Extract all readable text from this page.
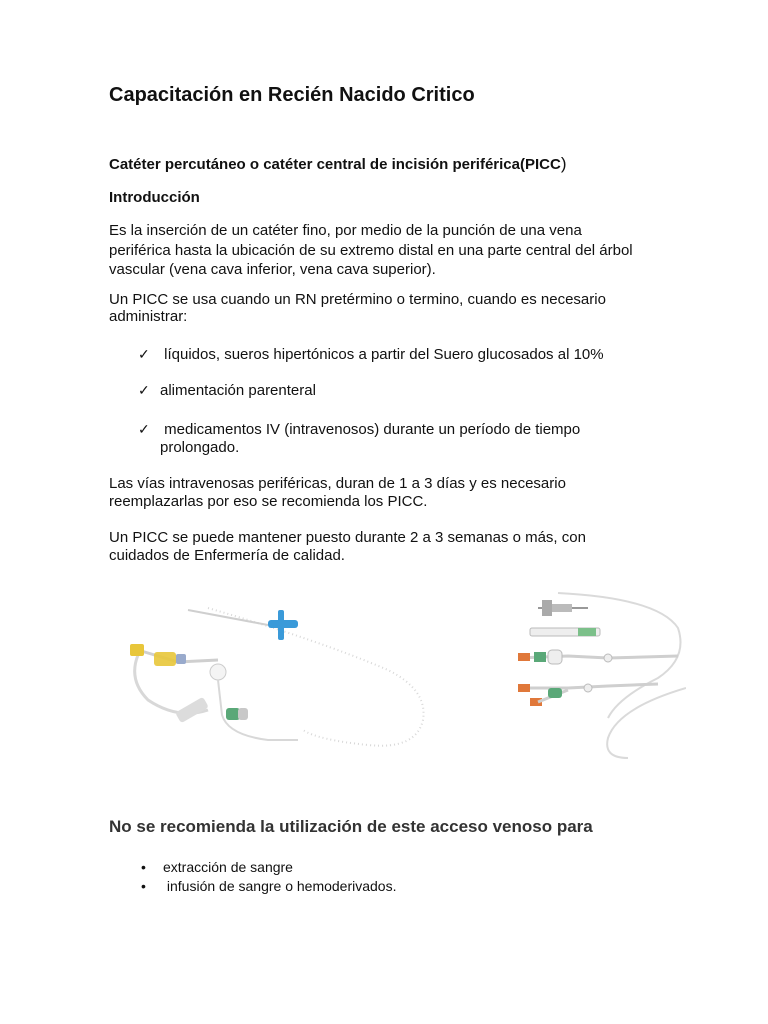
Capacitación en Recién Nacido Critico
Catéter percutáneo o catéter central de incisión periférica(PICC)
Introducción
Es la inserción de un catéter fino, por medio de la punción de una vena
periférica hasta la ubicación de su extremo distal en una parte central del árbol
vascular (vena cava inferior, vena cava superior).
Un PICC se usa cuando un RN pretérmino o termino, cuando es necesario
administrar:
✓ líquidos, sueros hipertónicos a partir del Suero glucosados al 10%
✓ alimentación parenteral
✓ medicamentos IV (intravenosos) durante un período de tiempo
prolongado.
Las vías intravenosas periféricas, duran de 1 a 3 días y es necesario
reemplazarlas por eso se recomienda los PICC.
Un PICC se puede mantener puesto durante 2 a 3 semanas o más, con
cuidados de Enfermería de calidad.
No se recomienda la utilización de este acceso venoso para
• extracción de sangre
• infusión de sangre o hemoderivados.
